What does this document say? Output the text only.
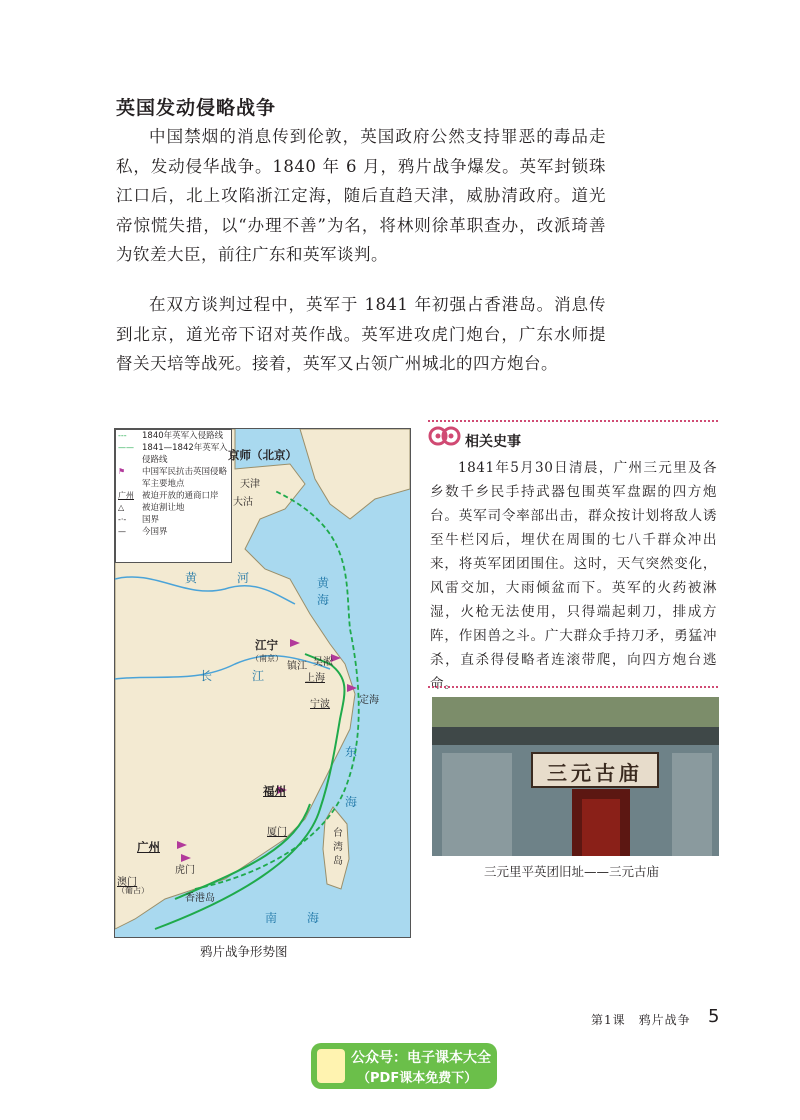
英国发动侵略战争

中国禁烟的消息传到伦敦，英国政府公然支持罪恶的毒品走私，发动侵华战争。1840 年 6 月，鸦片战争爆发。英军封锁珠江口后，北上攻陷浙江定海，随后直趋天津，威胁清政府。道光帝惊慌失措，以“办理不善”为名，将林则徐革职查办，改派琦善为钦差大臣，前往广东和英军谈判。

在双方谈判过程中，英军于 1841 年初强占香港岛。消息传到北京，道光帝下诏对英作战。英军进攻虎门炮台，广东水师提督关天培等战死。接着，英军又占领广州城北的四方炮台。

---	1840年英军入侵路线
—— 1841—1842年英军入侵路线
⚑	中国军民抗击英国侵略军主要地点
广州 被迫开放的通商口岸
△	被迫割让地
-·-	国界
—	今国界
京师（北京）
天津
大沽
江宁
（南京）
镇江 吴淞
上海
定海
宁波
福州
厦门	台湾岛
广州
虎门
澳门
（葡占）
香港岛
黄河 黄海
长江
东海
南海
鸦片战争形势图
相关史事

1841年5月30日清晨，广州三元里及各乡数千乡民手持武器包围英军盘踞的四方炮台。英军司令率部出击，群众按计划将敌人诱至牛栏冈后，埋伏在周围的七八千群众冲出来，将英军团团围住。这时，天气突然变化，风雷交加，大雨倾盆而下。英军的火药被淋湿，火枪无法使用，只得端起刺刀，排成方阵，作困兽之斗。广大群众手持刀矛，勇猛冲杀，直杀得侵略者连滚带爬，向四方炮台逃命。

三元古庙
三元里平英团旧址——三元古庙
第1课　鸦片战争 5
公众号：电子课本大全
（PDF课本免费下）
